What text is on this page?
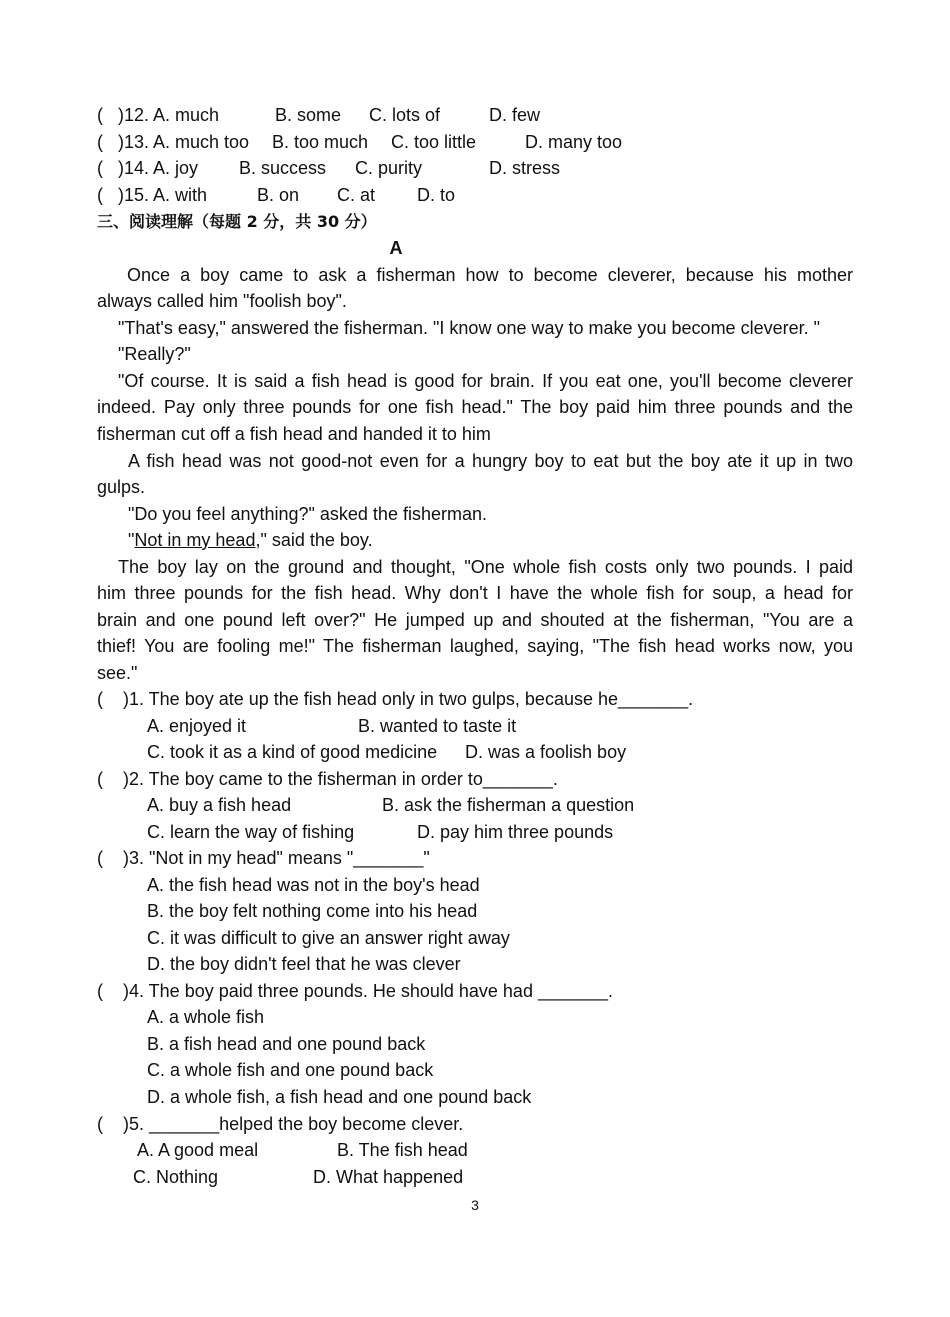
(   )12. A. much

	B. some

C. lots of

	D. few

(   )13. A. much too

B. too much

C. too little

	D. many too

(   )14. A. joy

B. success

C. purity

	D. stress

(   )15. A. with

	B. on

C. at

D. to

三、阅读理解（每题 2 分，共 30 分）
A
Once a boy came to ask a fisherman how to become cleverer, because his mother
always called him "foolish boy".
"That's easy," answered the fisherman. "I know one way to make you become cleverer. "
"Really?"
"Of course. It is said a fish head is good for brain. If you eat one, you'll become cleverer
indeed. Pay only three pounds for one fish head." The boy paid him three pounds and the
fisherman cut off a fish head and handed it to him
A fish head was not good-not even for a hungry boy to eat but the boy ate it up in two
gulps.
"Do you feel anything?" asked the fisherman.
"Not in my head," said the boy.
The boy lay on the ground and thought, "One whole fish costs only two pounds. I paid
him three pounds for the fish head. Why don't I have the whole fish for soup, a head for
brain and one pound left over?" He jumped up and shouted at the fisherman, "You are a
thief! You are fooling me!" The fisherman laughed, saying, "The fish head works now, you
see."
(    )1. The boy ate up the fish head only in two gulps, because he_______.

A. enjoyed it

	B. wanted to taste it

C. took it as a kind of good medicine

D. was a foolish boy

(    )2. The boy came to the fisherman in order to_______.

A. buy a fish head

	B. ask the fisherman a question

C. learn the way of fishing

	D. pay him three pounds

(    )3. "Not in my head" means "_______"
A. the fish head was not in the boy's head
B. the boy felt nothing come into his head
C. it was difficult to give an answer right away
D. the boy didn't feel that he was clever
(    )4. The boy paid three pounds. He should have had _______.
A. a whole fish
B. a fish head and one pound back
C. a whole fish and one pound back
D. a whole fish, a fish head and one pound back
(    )5. _______helped the boy become clever.

A. A good meal

	B. The fish head

C. Nothing

	D. What happened

3
